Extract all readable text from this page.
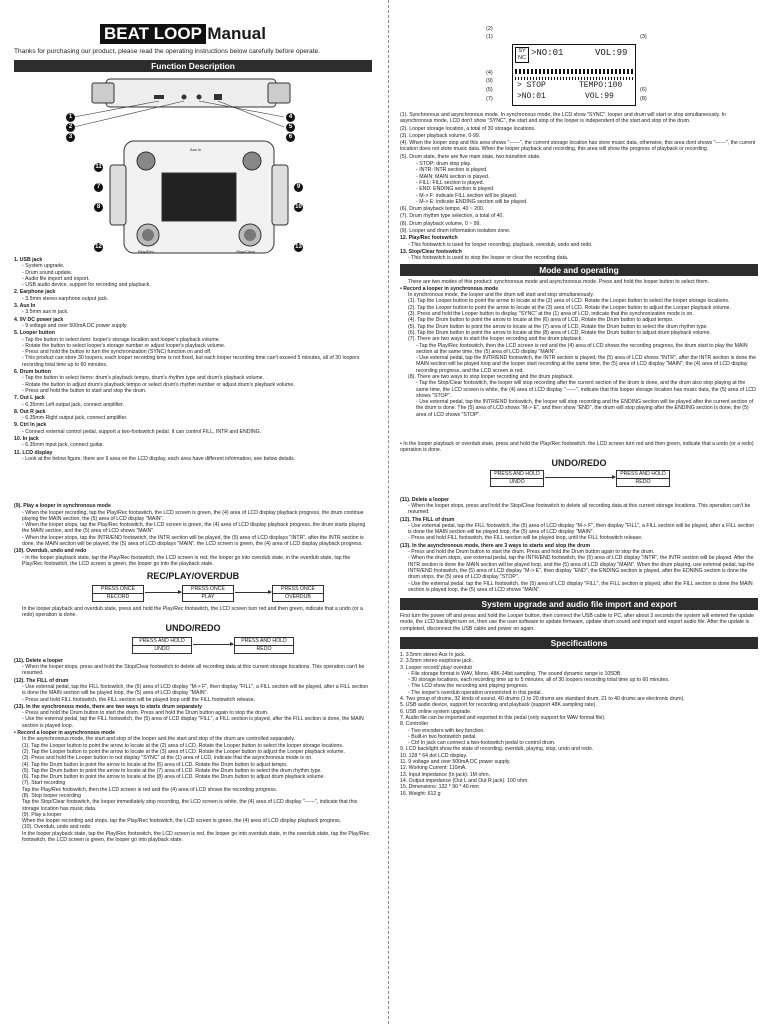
BEAT LOOP Manual
Thanks for purchasing our product, please read the operating instructions below carefully before operate.
Function Description
1
2
3
4
5
6
7
8
9
10
11
12	13
Aux In
Play/Rec	Stop/Clear
1. USB jack
◦ System upgrade.
◦ Drum sound update.
◦ Audio file import and export.
◦ USB audio device, support for recording and playback.
2. Earphone jack
◦ 3.5mm stereo earphone output jack.
3. Aux In
◦ 3.5mm aux in jack.
4. 9V DC power jack
◦ 9 voltage and over 500mA DC power supply.
5. Looper button
◦ Tap the button to select item: looper's storage location and looper's playback volume.
◦ Rotate the button to select looper's storage number or adjust looper's playback volume.
◦ Press and hold the button to turn the synchronization (SYNC) function on and off.
◦ This product can store 30 loopers, each looper recording time is not fixed, but each looper recording time can't exceed 5 minutes, all of 30 loopers recording total time up to 60 minutes.
6. Drum button
◦ Tap the button to select items: drum's playback tempo, drum's rhythm type and drum's playback volume.
◦ Rotate the button to adjust drum's playback tempo or select drum's rhythm number or adjust drum's playback volume.
◦ Press and hold the button to start and stop the drum.
7. Out L jack
◦ 6.35mm Left output jack, connect amplifier.
8. Out R jack
◦ 6.35mm Right output jack, connect amplifier.
9. Ctrl In jack
◦ Connect external control pedal, support a two-footswitch pedal. It can control FILL, INTR and ENDING.
10. In jack
◦ 6.35mm input jack, connect guitar.
11. LCD display
◦ Look at the below figure, there are 9 area on the LCD display, each area have different information, see below details.
(9). Play a looper in synchronous mode
◦ When the looper recording, tap the Play/Rec footswitch, the LCD screen is green, the (4) area of LCD display playback progress, the drum continue playing the MAIN section, the (5) area of LCD display "MAIN".
◦ When the looper stops, tap the Play/Rec footswitch, the LCD screen is green, the (4) area of LCD display playback progress, the drum starts playing the MAIN section, and the (5) area of LCD shows "MAIN".
◦ When the looper stops, tap the INTR/END footswitch, the INTR section will be played, the (5) area of LCD displays "INTR", after the INTR section is done, the MAIN section will be played, the (5) area of LCD displays "MAIN", the LCD screen is green, the (4) area of LCD display playback progress.
(10). Overdub, undo and redo
◦ In the looper playback state, tap the Play/Rec footswitch, the LCD screen is red, the looper go into overdub state, in the overdub state, tap the Play/Rec footswitch, the LCD screen is green, the looper go into the playback state.
REC/PLAY/OVERDUB
PRESS ONCE
RECORD
PRESS ONCE
PLAY
PRESS ONCE
OVERDUB
In the looper playback and overdub state, press and hold the Play/Rec footswitch, the LCD screen turn red and then green, indicate that a undo (or a redo) operation is done.
UNDO/REDO
PRESS AND HOLD
UNDO
PRESS AND HOLD
REDO
(11). Delete a looper
◦ When the looper stops, press and hold the Stop/Clear footswitch to delete all recording data at this current storage locations. This operation can't be resumed.
(12). The FILL of drum
◦ Use external pedal, tap the FILL footswitch, the (5) area of LCD display "M-> F", then display "FILL", a FILL section will be played, after a FILL section is done the MAIN section will be played loop, the (5) area of LCD display "MAIN".
◦ Press and hold FILL footswitch, the FILL section will be played loop until the FILL footswitch release.
(13). In the synchronous mode, there are two ways to starts drum separately
◦ Press and hold the Drum button to start the drum. Press and hold the Drum button again to stop the drum.
◦ Use the external pedal, tap the FILL footswitch, the (5) area of LCD display "FILL", a FILL section is played, after the FILL section is done, the MAIN section is played loop.
• Record a looper in asynchronous mode
In the asynchronous mode, the start and stop of the looper and the start and stop of the drum are controlled separately.
(1). Tap the Looper button to point the arrow to locate at the (2) area of LCD, Rotate the Looper button to select the looper storage locations.
(2). Tap the Looper button to point the arrow to locate at the (3) area of LCD. Rotate the Looper button to adjust the Looper playback volume.
(3). Press and hold the Looper button to not display "SYNC" at the (1) area of LCD, indicate that the asynchronous mode is on.
(4). Tap the Drum button to point the arrow to locate at the (6) area of LCD. Rotate the Drum button to adjust tempo.
(5). Tap the Drum button to point the arrow to locate at the (7) area of LCD. Rotate the Drum button to select the drum rhythm type.
(6). Tap the Drum button to point the arrow to locate at the (8) area of LCD. Rotate the Drum button to adjust drum playback volume.
(7). Start recording
Tap the Play/Rec footswitch, then the LCD screen is red and the (4) area of LCD shows the recording progress.
(8). Stop looper recording
Tap the Stop/Clear footswitch, the looper immediately stop recording, the LCD screen is white, the (4) area of LCD display "------", indicate that this storage location has music data.
(9). Play a looper
When the looper recording and stops, tap the Play/Rec footswitch, the LCD screen is green, the (4) area of LCD display playback progress.
(10). Overdub, undo and redo
In the looper playback state, tap the Play/Rec footswitch, the LCD screen is red, the looper go into overdub state, in the overdub state, tap the Play/Rec footswitch, the LCD screen is green, the looper go into playback state.
(2)
(1)	(3)
(4)
(9)
(5)
(7)
(6)
(8)
SY
NC >NO:01	VOL:99
> STOP	TEMPO:100
>NO:01	VOL:99
(1). Synchronous and asynchronous mode. In synchronous mode, the LCD show "SYNC", looper and drum will start or stop simultaneously. In asynchronous mode, LCD don't show "SYNC", the start and stop of the looper is independent of the start and stop of the drum.
(2). Looper storage location, a total of 30 storage locations.
(3). Looper playback volume, 0-99.
(4). When the looper stop and this area shows "------", the current storage location has store music data, otherwise, this area dont shows "------", the current location does not store music data. When the looper playback and recording, this area will show the progress of playback or recording.
(5). Drum state, there are five main state, two transition state.
◦ STOP: drum stop play.
◦ INTR: INTR section is played.
◦ MAIN: MAIN section is played.
◦ FILL: FILL section is played.
◦ END: ENDING section is played.
◦ M-> F: indicate FILL section will be played.
◦ M-> E: indicate ENDING section will be played.
(6). Drum playback tempo, 40 ~ 200.
(7). Drum rhythm type selection, a total of 40.
(8). Drum playback volume, 0 ~ 99.
(9). Looper and drum information isolation zone.
12. Play/Rec footswitch
◦ This footswitch is used for looper recording, playback, overdub, undo and redo.
13. Stop/Clear footswitch
◦ This footswitch is used to stop the looper or clear the recording data.
Mode and operating
There are two modes of this product: synchronous mode and asynchronous mode. Press and hold the looper button to select them.
• Record a looper in synchronous mode
In synchronous mode, the looper and the drum will start and stop simultaneously.
(1). Tap the Looper button to point the arrow to locate at the (2) area of LCD. Rotate the Looper button to select the looper storage locations.
(2). Tap the Looper button to point the arrow to locate at the (3) area of LCD. Rotate the Looper button to adjust the Looper playback volume.
(3). Press and hold the Looper button to display "SYNC" at the (1) area of LCD, indicate that the synchronization mode is on.
(4). Tap the Drum button to point the arrow to locate at the (6) area of LCD, Rotate the Drum button to adjust tempo.
(5). Tap the Drum button to point the arrow to locate at the (7) area of LCD, Rotate the Drum button to select the drum rhythm type.
(6). Tap the Drum button to point the arrow to locate at the (8) area of LCD, Rotate the Drum button to adjust drum playback volume.
(7). There are two ways to start the looper recording and the drum playback.
◦ Tap the Play/Rec footswitch, then the LCD screen is red and the (4) area of LCD shows the recording progress, the drum start to play the MAIN section at the same time, the (5) area of LCD display "MAIN".
◦ Use external pedal, tap the INTR/END footswitch, the INTR section is played, the (5) area of LCD shows "INTR", after the INTR section is done the MAIN section will be played loop and the looper start recording at the same time, the (5) area of LCD display "MAIN", the (4) area of LCD display recording progress, and the LCD screen is red.
(8). There are two ways to stop looper recording and the drum playback.
◦ Tap the Stop/Clear footswitch, the looper will stop recording after the current section of the drum is done, and the drum also stop playing at the same time, the LCD screen is white, the (4) area of LCD display "------", indicate that this looper storage location has music data, the (5) area of LCD shows "STOP".
◦ Use external pedal, tap the INTR/END footswitch, the looper will stop recording and the ENDING section will be played after the current section of the drum is done. The (5) area of LCD shows "M-> E", and then show "END", the drum will stop playing after the ENDING section is done, the (5) area of LCD shows "STOP".
• In the looper playback or overdub state, press and hold the Play/Rec footswitch, the LCD screen turn red and then green, indicate that a undo (or a redo) operation is done.
UNDO/REDO
PRESS AND HOLD
UNDO
PRESS AND HOLD
REDO
(11). Delete a looper
◦ When the looper stops, press and hold the Stop/Clear footswitch to delete all recording data at this current storage locations. This operation can't be resumed.
(12). The FILL of drum
◦ Use external pedal, tap the FILL footswitch, the (5) area of LCD display "M-> F", then display "FILL", a FILL section will be played, after a FILL section is done the MAIN section will be played loop, the (5) area of LCD display "MAIN".
◦ Press and hold FILL footswitch, the FILL section will be played loop, until the FILL footswitch release.
(13). In the asynchronous mode, there are 3 ways to starts and stop the drum
◦ Press and hold the Drum button to start the drum. Press and hold the Drum button again to stop the drum.
◦ When the drum stops, use external pedal, tap the INTR/END footswitch, the (5) area of LCD display "INTR", the INTR section will be played. After the INTR section is done the MAIN section will be played loop, and the (5) area of LCD display "MAIN". When the drum playing, use external pedal, tap the INTR/END footswitch, the (5) area of LCD display "M-> E", then display "END", the ENDING section is played, after the EDNING section is done the drum stops, the (5) area of LCD display "STOP".
◦ Use the external pedal, tap the FILL footswitch, the (5) area of LCD display "FILL", the FILL section is played, after the FILL section is done the MAIN section is played loop, the (5) area of LCD shows "MAIN".
System upgrade and audio file import and export
First turn the power off and press and hold the Looper button, then connect the USB cable to PC, after about 3 seconds the system will entered the update mode, the LCD backlight turn on, then use the user software to update firmware, update drum sound and import and export audio file. After the update is completed, disconnect the USB cable and power on again.
Specifications
1. 3.5mm stereo Aux In jack.
2. 3.5mm stereo earphone jack.
3. Looper record/ play/ overdub
◦ File storage format is WAV, Mono, 48K-24bit sampling. The sound dynamic range is 105DB.
◦ 30 storage locations, each recording time up to 5 minutes, all of 30 loopers recording total time up to 60 minutes.
◦ The LCD show the recording and playing progress.
◦ The looper's overdub operation unrestricted in this pedal.
4. Two group of drums, 32 kinds of sound, 40 drums (1 to 20 drums are standard drum, 21 to 40 drums are electronic drum).
5. USB audio device, support for recording and playback (support 48K sampling rate).
6. USB online system upgrade.
7. Audio file can be imported and exported to this pedal (only support for WAV format file).
8. Controller
◦ Two encoders with key function.
◦ Built-in two footswitch pedal.
◦ Ctrl In jack can connect a two-footswitch pedal to control drum.
9. LCD backlight show the state of recording, overdub, playing, stop, undo and redo.
10. 128 * 64 dot LCD display.
11. 9 voltage and over 500mA DC power supply.
12. Working Current: 110mA.
13. Input impedance (In jack): 1M ohm.
14. Output impedance (Out L and Out R jack): 100 ohm.
15. Dimensions: 132 * 90 * 40 mm
16. Weight: 612 g
